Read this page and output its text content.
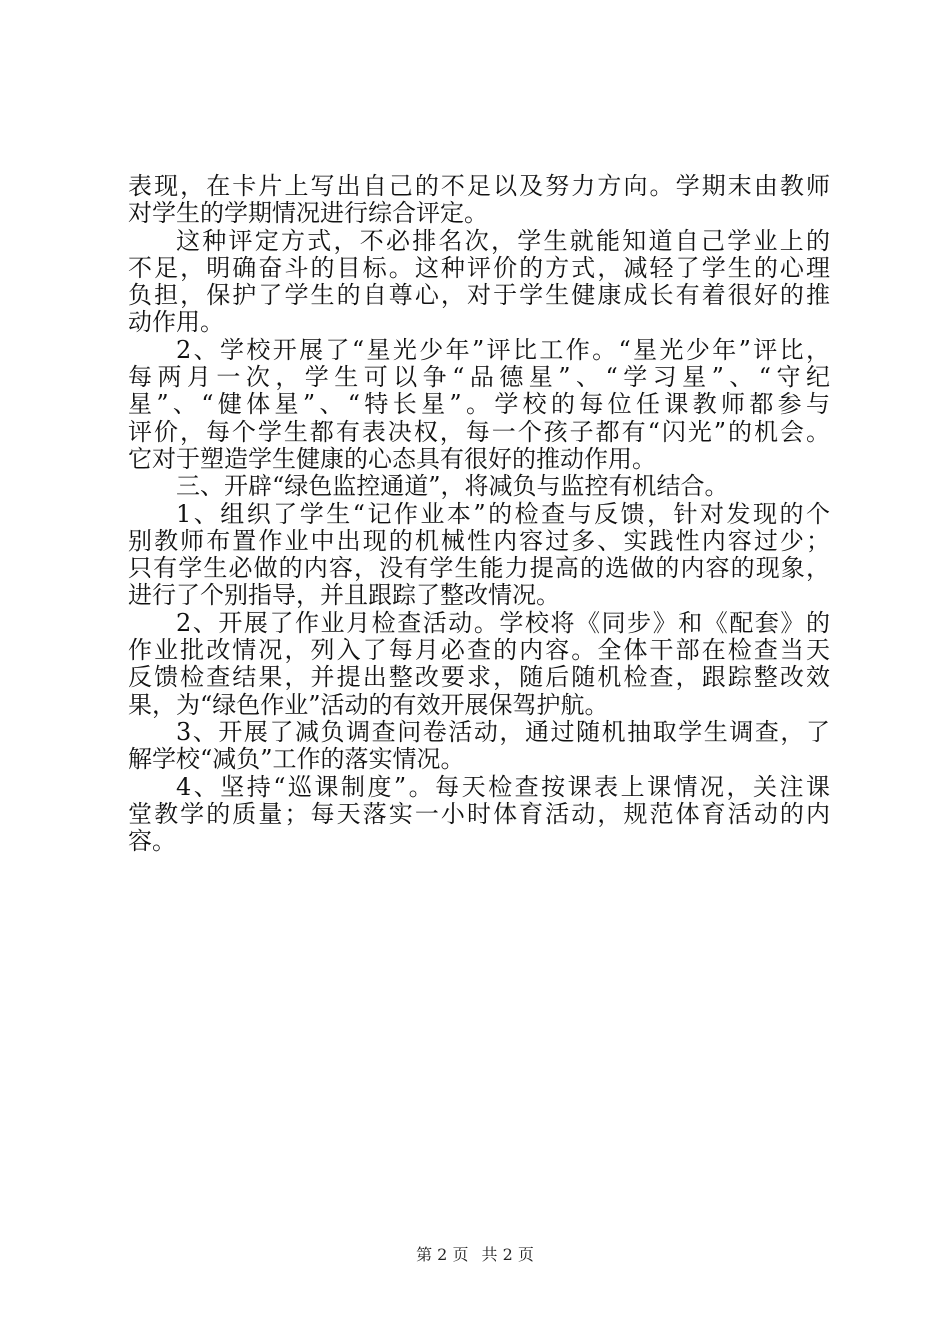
表现，在卡片上写出自己的不足以及努力方向。学期末由教师
对学生的学期情况进行综合评定。
这种评定方式，不必排名次，学生就能知道自己学业上的
不足，明确奋斗的目标。这种评价的方式，减轻了学生的心理
负担，保护了学生的自尊心，对于学生健康成长有着很好的推
动作用。
2、学校开展了“星光少年”评比工作。“星光少年”评比，
每两月一次，学生可以争“品德星”、“学习星”、“守纪
星”、“健体星”、“特长星”。学校的每位任课教师都参与
评价，每个学生都有表决权，每一个孩子都有“闪光”的机会。
它对于塑造学生健康的心态具有很好的推动作用。
三、开辟“绿色监控通道”，将减负与监控有机结合。
1、组织了学生“记作业本”的检查与反馈，针对发现的个
别教师布置作业中出现的机械性内容过多、实践性内容过少；
只有学生必做的内容，没有学生能力提高的选做的内容的现象，
进行了个别指导，并且跟踪了整改情况。
2、开展了作业月检查活动。学校将《同步》和《配套》的
作业批改情况，列入了每月必查的内容。全体干部在检查当天
反馈检查结果，并提出整改要求，随后随机检查，跟踪整改效
果，为“绿色作业”活动的有效开展保驾护航。
3、开展了减负调查问卷活动，通过随机抽取学生调查，了
解学校“减负”工作的落实情况。
4、坚持“巡课制度”。每天检查按课表上课情况，关注课
堂教学的质量；每天落实一小时体育活动，规范体育活动的内
容。
第 2 页 共 2 页
